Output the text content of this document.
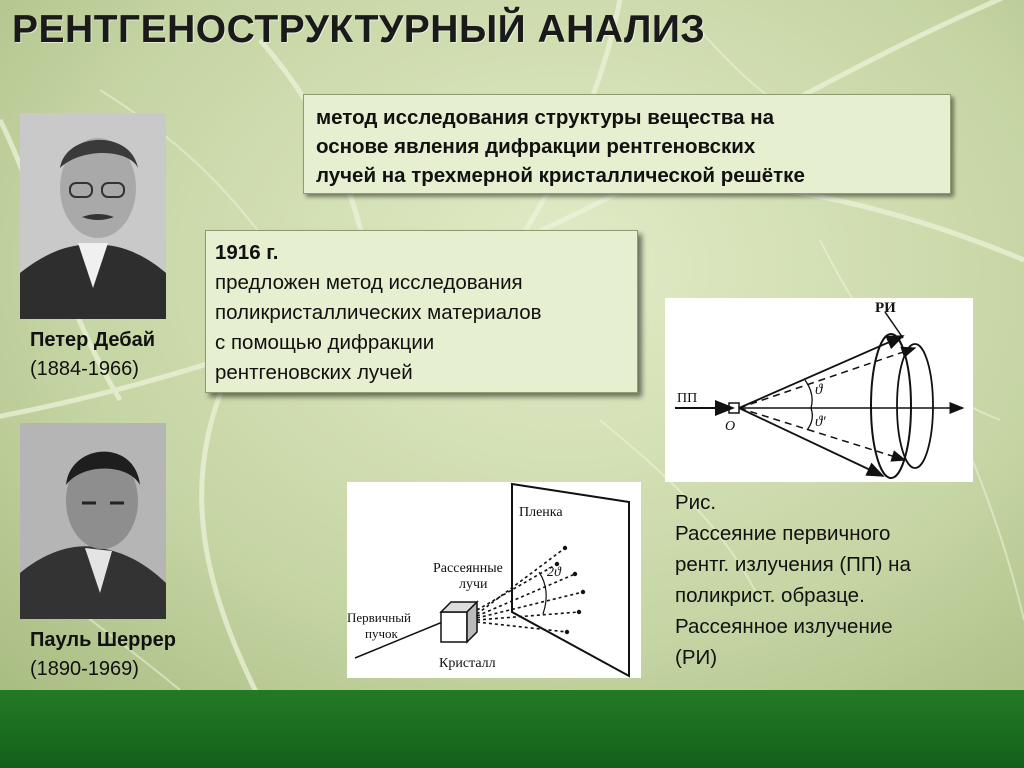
РЕНТГЕНОСТРУКТУРНЫЙ АНАЛИЗ
метод исследования структуры вещества на
основе явления дифракции рентгеновских
лучей на трехмерной кристаллической решётке
Петер Дебай
(1884-1966)
Пауль Шеррер
(1890-1969)
1916 г.
предложен метод исследования
поликристаллических материалов
с помощью дифракции
рентгеновских лучей
РИ
ПП
О
ϑ
ϑ'
Пленка
Первичный
пучок
Кристалл
2ϑ
Рассеянные
лучи
Рис.
Рассеяние первичного
рентг. излучения (ПП) на
поликрист. образце.
Рассеянное излучение
(РИ)
